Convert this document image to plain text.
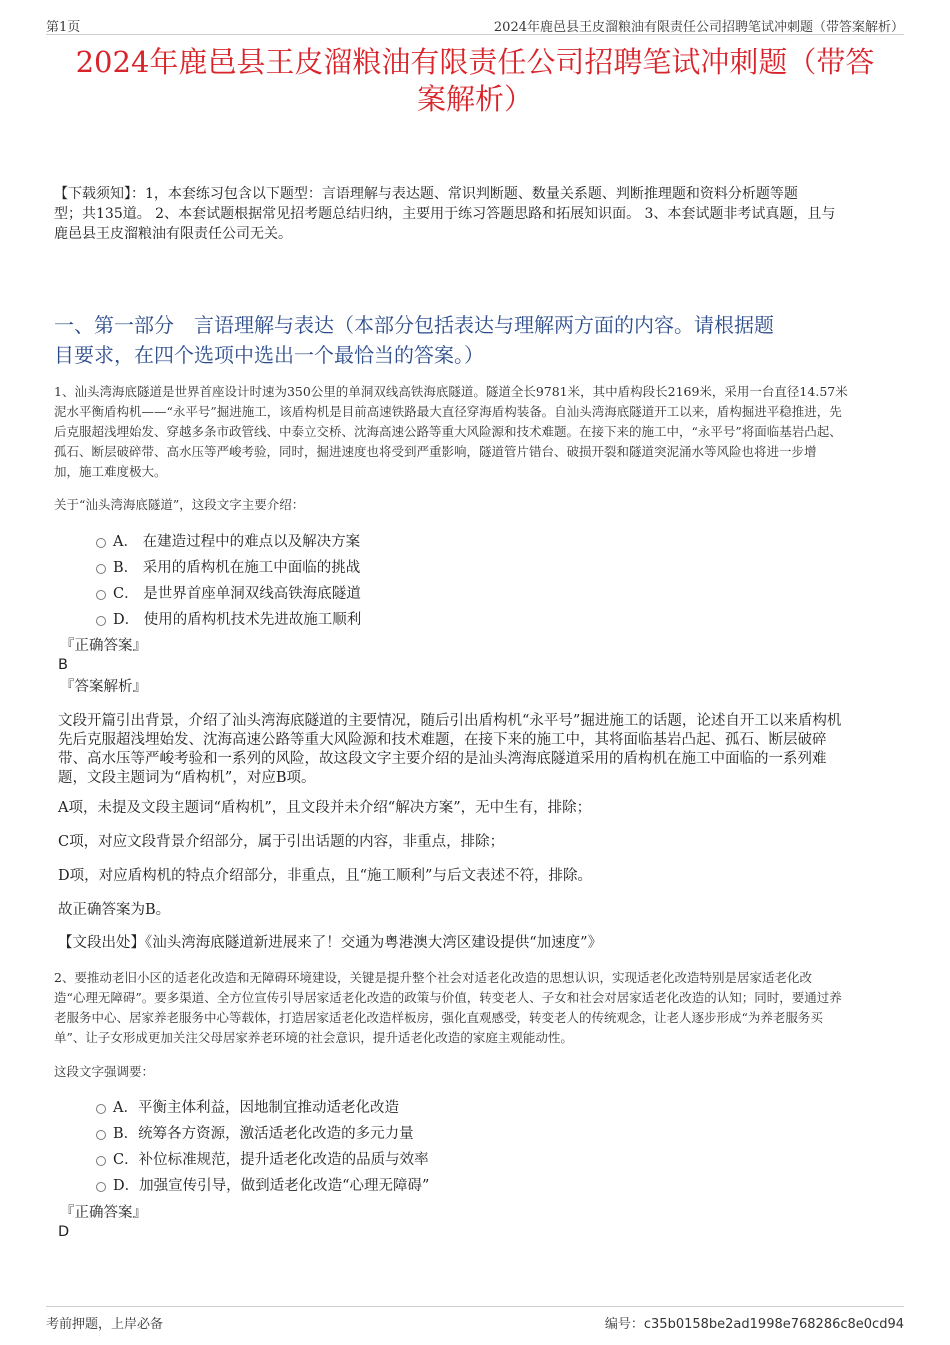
第1页	2024年鹿邑县王皮溜粮油有限责任公司招聘笔试冲刺题（带答案解析）
2024年鹿邑县王皮溜粮油有限责任公司招聘笔试冲刺题（带答
案解析）
【下载须知】：1，本套练习包含以下题型：言语理解与表达题、常识判断题、数量关系题、判断推理题和资料分析题等题
型；共135道。 2、本套试题根据常见招考题总结归纳，主要用于练习答题思路和拓展知识面。 3、本套试题非考试真题，且与
鹿邑县王皮溜粮油有限责任公司无关。
一、第一部分　言语理解与表达（本部分包括表达与理解两方面的内容。请根据题
目要求，在四个选项中选出一个最恰当的答案。）
1、汕头湾海底隧道是世界首座设计时速为350公里的单洞双线高铁海底隧道。隧道全长9781米，其中盾构段长2169米，采用一台直径14.57米
泥水平衡盾构机——“永平号”掘进施工，该盾构机是目前高速铁路最大直径穿海盾构装备。自汕头湾海底隧道开工以来，盾构掘进平稳推进，先
后克服超浅埋始发、穿越多条市政管线、中泰立交桥、沈海高速公路等重大风险源和技术难题。在接下来的施工中，“永平号”将面临基岩凸起、
孤石、断层破碎带、高水压等严峻考验，同时，掘进速度也将受到严重影响，隧道管片错台、破损开裂和隧道突泥涌水等风险也将进一步增
加，施工难度极大。
关于“汕头湾海底隧道”，这段文字主要介绍：
A． 在建造过程中的难点以及解决方案
B． 采用的盾构机在施工中面临的挑战
C． 是世界首座单洞双线高铁海底隧道
D． 使用的盾构机技术先进故施工顺利
『正确答案』
B
『答案解析』
文段开篇引出背景，介绍了汕头湾海底隧道的主要情况，随后引出盾构机“永平号”掘进施工的话题，论述自开工以来盾构机
先后克服超浅埋始发、沈海高速公路等重大风险源和技术难题，在接下来的施工中，其将面临基岩凸起、孤石、断层破碎
带、高水压等严峻考验和一系列的风险，故这段文字主要介绍的是汕头湾海底隧道采用的盾构机在施工中面临的一系列难
题，文段主题词为“盾构机”，对应B项。
A项，未提及文段主题词“盾构机”，且文段并未介绍“解决方案”，无中生有，排除；
C项，对应文段背景介绍部分，属于引出话题的内容，非重点，排除；
D项，对应盾构机的特点介绍部分，非重点，且“施工顺利”与后文表述不符，排除。
故正确答案为B。
【文段出处】《汕头湾海底隧道新进展来了！交通为粤港澳大湾区建设提供“加速度”》
2、要推动老旧小区的适老化改造和无障碍环境建设，关键是提升整个社会对适老化改造的思想认识，实现适老化改造特别是居家适老化改
造“心理无障碍”。要多渠道、全方位宣传引导居家适老化改造的政策与价值，转变老人、子女和社会对居家适老化改造的认知；同时，要通过养
老服务中心、居家养老服务中心等载体，打造居家适老化改造样板房，强化直观感受，转变老人的传统观念，让老人逐步形成“为养老服务买
单”、让子女形成更加关注父母居家养老环境的社会意识，提升适老化改造的家庭主观能动性。
这段文字强调要：
A．平衡主体利益，因地制宜推动适老化改造
B．统筹各方资源，激活适老化改造的多元力量
C．补位标准规范，提升适老化改造的品质与效率
D．加强宣传引导，做到适老化改造“心理无障碍”
『正确答案』
D
考前押题，上岸必备	编号：c35b0158be2ad1998e768286c8e0cd94
